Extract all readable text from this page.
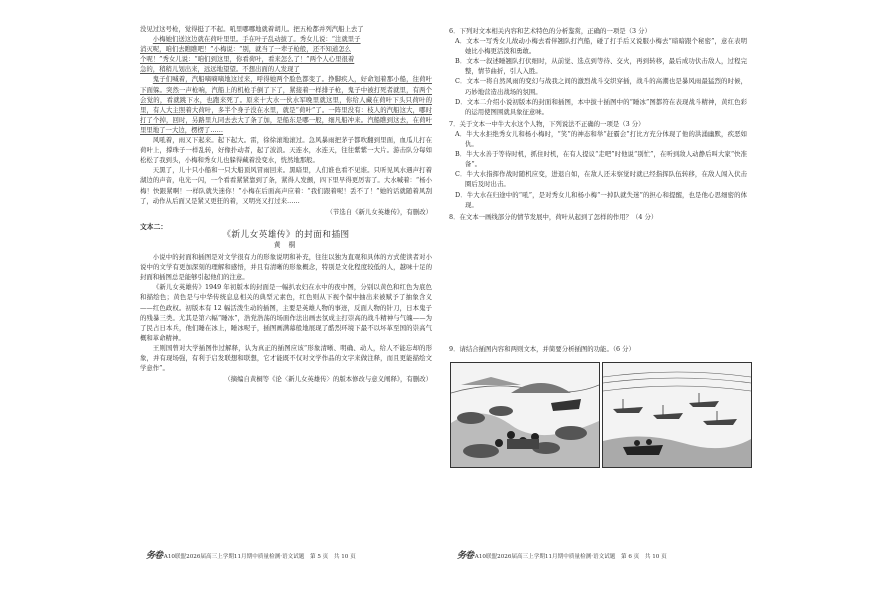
没见过这号枪，觉得挺了不起。吼里哪哪地就着胡儿。把五枪都并列汽船上去了

小梅她们送这边就在荷叶里里。手在叶子乱动拔了。秀女儿说：“注就里子

消灭呢，咱们去瞧瞧吧！”小梅说：“别，就当了一辈子枪般，还不知道怎么

个呢！”秀女儿说：“咱们到这里，你看荷叶，看来怎么了！”两个人心里很着

急的，稍稍儿划出来，远远地望望。不想出面的人发现了

鬼子们喊着，汽船嘀嘀嘀地这过来，呼得她两个脸色都变了。挣脚疾人，好命划着那小船，往荷叶下面躲。突然一声枪响，汽船上的机枪手倒了下了，紧接着一样排子枪，鬼子中被打死者就里，有两个会觉的，看就跳下水，也跑来死了。原来十大水一伙水军晚里就这里，你给人藏在荷叶下头只荷叶的里，有人大主照着大荷叶，多半个身子没在水里，就是“荷叶”了。一阵里没有：枝人的汽船这大，哪时打了个掉，回时，另路里九同去去大了条了加，是船东是哪一般，细凡船冲来。汽船瞧到这去，在荷叶里里地了一大边，楞楞了……

风吼着，雨又下起来。起下起大。雷，徐徐滚地滚过。急风暴雨把茅子都吹翻到里面，血瓜儿打在荷叶上，撑珠子一样乱转，好像扑动者，起了波浪。天连水，水连天，往往紫紫一大片。游击队分每如松松了我到头，小梅和秀女儿也躲得藏着没变水，恍然地那般。

天黑了，儿十只小船和一只大船顶风冒雨回来。黑暗里，人们谁也看不见谁。只听见风水遇声打着湖边的声音，电光一闪，一个看看紧紧靠到了条，紧得人发颤，四下里早得更厉害了。大水喊着：“杨小梅！快跟紧啊！一样队就失迷你！”小梅在后面高声应着：“我们跟着呢！丢不了！”她的话就随着风刮了，动作从后面又是紧又更狂的着，又明亮又打过来……

（节选自《新儿女英雄传》，有删改）

文本二：

《新儿女英雄传》的封面和插图

黄 桐

小说中的封面和插图是对文学很有力的形象说明和补充，往往以独为直观和具体的方式使读者对小说中的文学有更加深刻的理解和感悟，并且有清晰的形象概念，特别是文化程度较低的人，越味十足的封面和插图总是能够引起他们的注意。

《新儿女英雄传》1949 年初版本的封面是一幅扒农妇在水中的夜中图，分别以黄色和红色为底色和描绘色；黄色是与中华传统息息相关的典型元素色，红色则从下视个保中抽出来被赋予了抽象含义——红色政权。初版本有 12 幅活泼生动的插图，主要是英雄人物的事迹，反面人物的针刀，日本鬼子的残暴三类。尤其是第六幅“睡冰”，浩党浩荡的场面作法出画去氛成主打崇高的战斗精神与气魄——为了民占日本兵，他们睡在冰上，睡冰呢子，插图画满幕般地展现了酷烈环境下最不以坏革至国的崇高气概和革命精神。

王则国曾对大学插图作过解释，认为真正的插图应该“形象清晰、明确、动人，给人不能忘却的形象，并有现场强，有利于启发联想和联想，它才能既不仅对文学作品的文字来做注释，而且更能描绘文学意作”。

（摘编自黄桐等《论〈新儿女英雄传〉的版本修改与意义阐释》，有删改）

6．下列对文本相关内容和艺术特色的分析鉴赏，正确的一项是（3 分）

A．文本一写秀女儿故动小梅去看伴翘队打汽船，碰了打手后又说服小梅去“暗暗跟个秘密”，意在表明她比小梅更活泼和勇敢。

B．文本一叙述睡翘队打伏细时，从前觉、选点到等待、交火，再到转移，最后成功伏击敌人，过程完整，情节曲折，引人入胜。

C．文本一将自然风雨的变幻与战我之间的激烈战斗交织穿插，战斗的高潮也是暴风雨最猛烈的时候，巧妙地营造出战场的氛围。

D．文本二介绍小说初版本的封面和插图，本中拔十插图中的“睡冰”图都符在表现战斗精神，黄红色彩的运用使图围就具象征意味。

7．关于文本一中牛大水这个人物，下列说法不正确的一项是（3 分）

A．牛大水拒绝秀女儿和杨小梅时，“笑”的神态和举“赶霸会”打比方充分体现了他的洪涌幽默，疾恶如仇。

B．牛大水善于等待时机，抓住时机，在有人提议“走吧”时他说“别忙”，在听到敌人动静后叫大家“快准备”。

C．牛大水指挥作战时随机应变，进退自如，在敌人还未察觉时就已经指挥队伍转移，在敌人闯入伏击圈后及时出击。

D．牛大水在归途中的“吼”，是对秀女儿和杨小梅“一掉队就失迷”的担心和提醒，也是他心思细密的体现。

8．在文本一画线部分的情节发展中，荷叶从起到了怎样的作用？（4 分）

9．请结合插图内容和两则文本，并简要分析插图的功能。（6 分）

务卷·A10联盟2026届高三上学期11月期中质量检测·语文试题　第 5 页　共 10 页	务卷·A10联盟2026届高三上学期11月期中质量检测·语文试题　第 6 页　共 10 页
